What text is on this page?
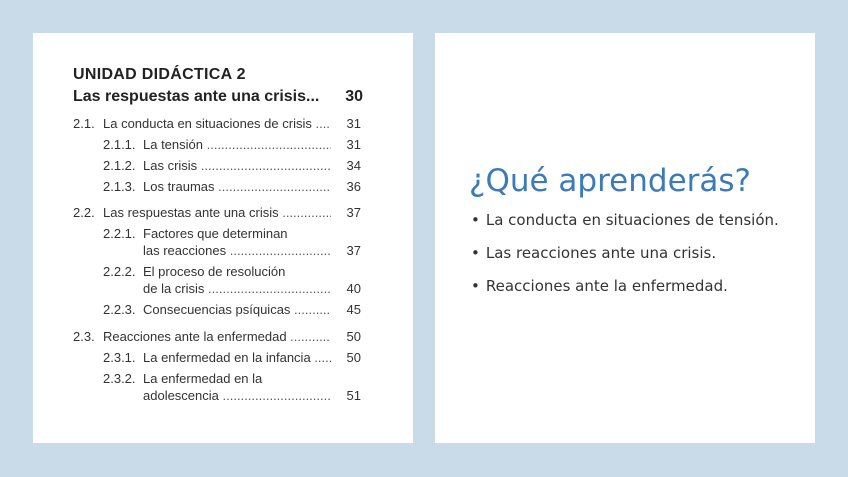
UNIDAD DIDÁCTICA 2
Las respuestas ante una crisis ... 30
2.1. La conducta en situaciones de crisis .....	31
2.1.1. La tensión .....	31
2.1.2. Las crisis .....	34
2.1.3. Los traumas .....	36
2.2. Las respuestas ante una crisis .....	37
2.2.1. Factores que determinan
las reacciones .....	37
2.2.2. El proceso de resolución
de la crisis .....	40
2.2.3. Consecuencias psíquicas .....	45
2.3. Reacciones ante la enfermedad .....	50
2.3.1. La enfermedad en la infancia .....	50
2.3.2. La enfermedad en la
adolescencia .....	51
¿Qué aprenderás?
• La conducta en situaciones de tensión.
• Las reacciones ante una crisis.
• Reacciones ante la enfermedad.
